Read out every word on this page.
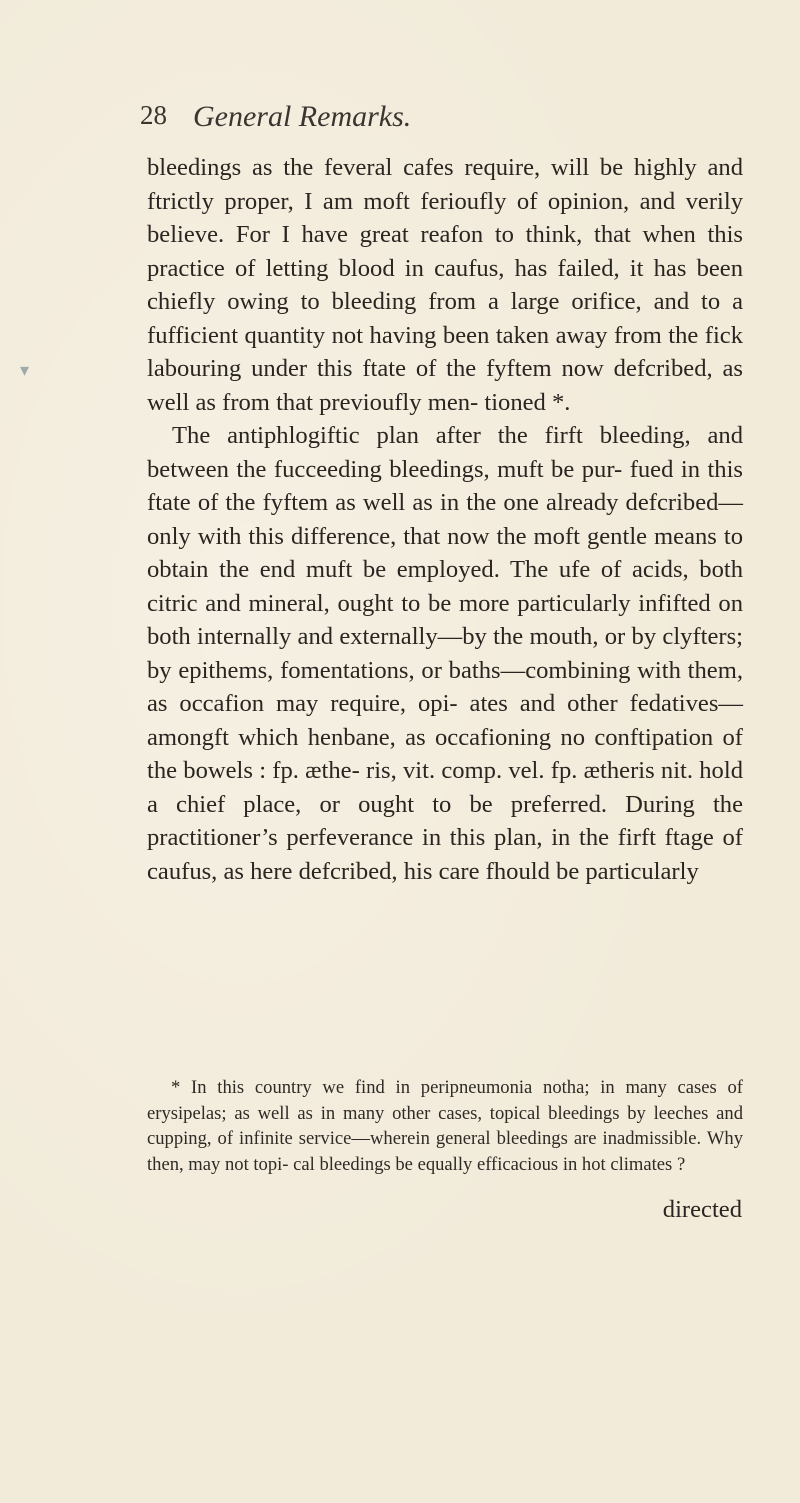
▾
28 General Remarks.

bleedings as the feveral cafes require, will be highly and ftrictly proper, I am moft ferioufly of opinion, and verily believe. For I have great reafon to think, that when this practice of letting blood in caufus, has failed, it has been chiefly owing to bleeding from a large orifice, and to a fufficient quantity not having been taken away from the fick labouring under this ftate of the fyftem now defcribed, as well as from that previoufly men- tioned *.

The antiphlogiftic plan after the firft bleeding, and between the fucceeding bleedings, muft be pur- fued in this ftate of the fyftem as well as in the one already defcribed—only with this difference, that now the moft gentle means to obtain the end muft be employed. The ufe of acids, both citric and mineral, ought to be more particularly infifted on both internally and externally—by the mouth, or by clyfters; by epithems, fomentations, or baths—combining with them, as occafion may require, opi- ates and other fedatives—amongft which henbane, as occafioning no conftipation of the bowels : fp. æthe- ris, vit. comp. vel. fp. ætheris nit. hold a chief place, or ought to be preferred. During the practitioner’s perfeverance in this plan, in the firft ftage of caufus, as here defcribed, his care fhould be particularly

* In this country we find in peripneumonia notha; in many cases of erysipelas; as well as in many other cases, topical bleedings by leeches and cupping, of infinite service—wherein general bleedings are inadmissible. Why then, may not topi- cal bleedings be equally efficacious in hot climates ?

directed
